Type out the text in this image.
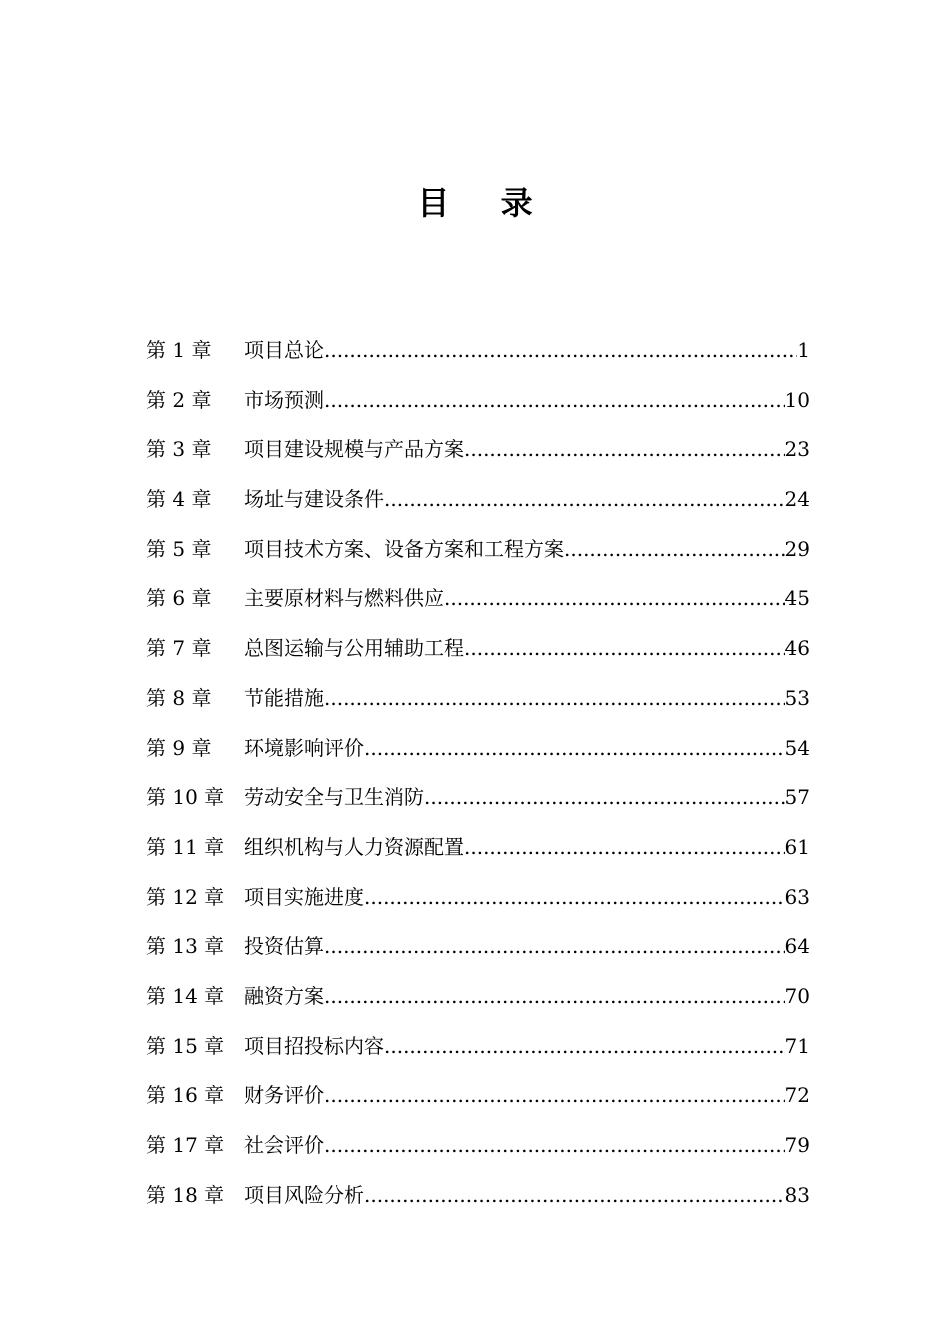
目 录
第 1 章	项目总论 .....	1
第 2 章	市场预测 .....	10
第 3 章	项目建设规模与产品方案 .....	23
第 4 章	场址与建设条件 .....	24
第 5 章	项目技术方案、设备方案和工程方案 .....	29
第 6 章	主要原材料与燃料供应 .....	45
第 7 章	总图运输与公用辅助工程 .....	46
第 8 章	节能措施 .....	53
第 9 章	环境影响评价 .....	54
第 10 章 劳动安全与卫生消防 .....	57
第 11 章 组织机构与人力资源配置 .....	61
第 12 章 项目实施进度 .....	63
第 13 章 投资估算 .....	64
第 14 章 融资方案 .....	70
第 15 章 项目招投标内容 .....	71
第 16 章 财务评价 .....	72
第 17 章 社会评价 .....	79
第 18 章 项目风险分析 .....	83
